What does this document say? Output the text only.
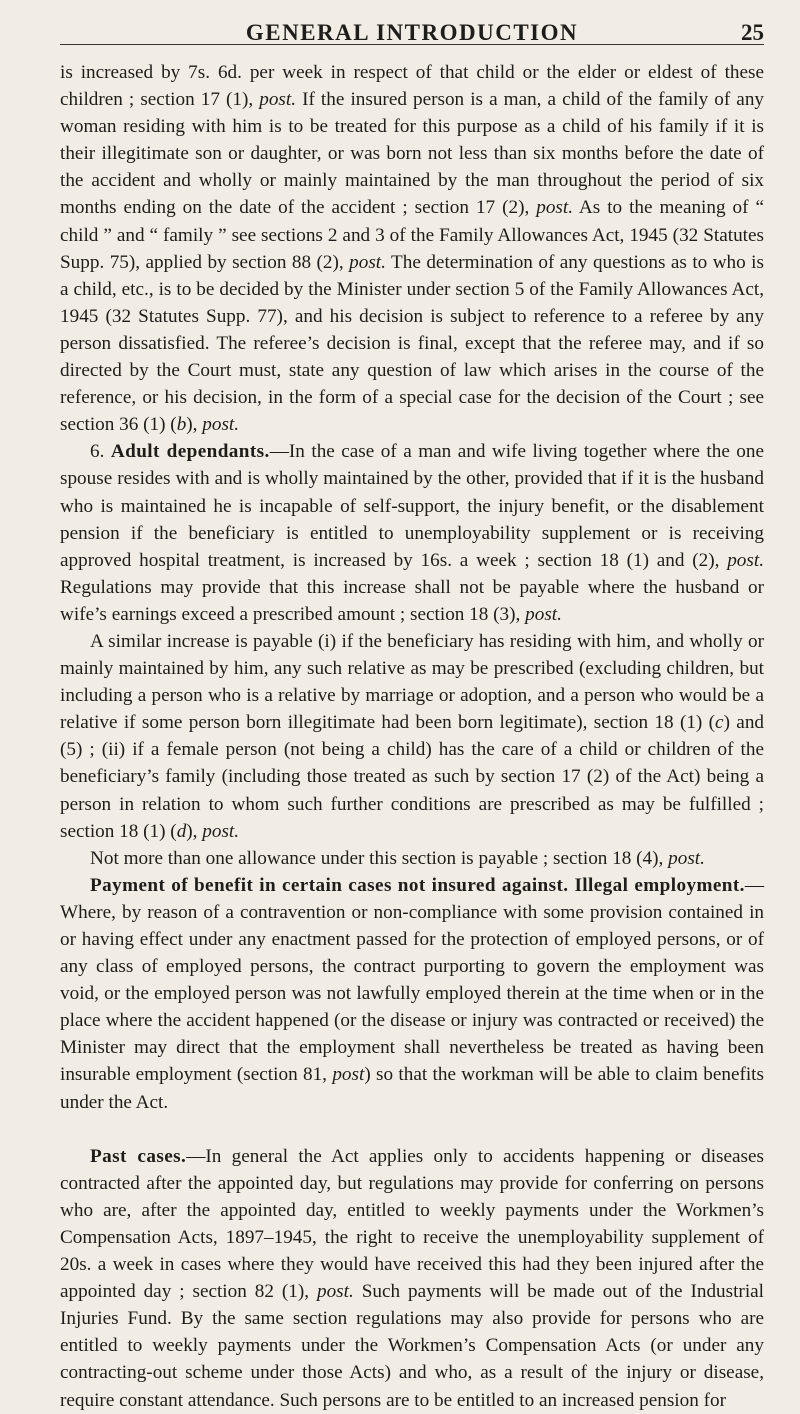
GENERAL INTRODUCTION	25

is increased by 7s. 6d. per week in respect of that child or the elder or eldest of these children ; section 17 (1), post. If the insured person is a man, a child of the family of any woman residing with him is to be treated for this purpose as a child of his family if it is their illegitimate son or daughter, or was born not less than six months before the date of the accident and wholly or mainly maintained by the man throughout the period of six months ending on the date of the accident ; section 17 (2), post. As to the meaning of “ child ” and “ family ” see sections 2 and 3 of the Family Allowances Act, 1945 (32 Statutes Supp. 75), applied by section 88 (2), post. The determination of any questions as to who is a child, etc., is to be decided by the Minister under section 5 of the Family Allowances Act, 1945 (32 Statutes Supp. 77), and his decision is subject to reference to a referee by any person dissatisfied. The referee’s decision is final, except that the referee may, and if so directed by the Court must, state any question of law which arises in the course of the reference, or his decision, in the form of a special case for the decision of the Court ; see section 36 (1) (b), post.

6. Adult dependants.—In the case of a man and wife living together where the one spouse resides with and is wholly maintained by the other, provided that if it is the husband who is maintained he is incapable of self-support, the injury benefit, or the disablement pension if the beneficiary is entitled to unemployability supplement or is receiving approved hospital treatment, is increased by 16s. a week ; section 18 (1) and (2), post. Regulations may provide that this increase shall not be payable where the husband or wife’s earnings exceed a prescribed amount ; section 18 (3), post.

A similar increase is payable (i) if the beneficiary has residing with him, and wholly or mainly maintained by him, any such relative as may be prescribed (excluding children, but including a person who is a relative by marriage or adoption, and a person who would be a relative if some person born illegitimate had been born legitimate), section 18 (1) (c) and (5) ; (ii) if a female person (not being a child) has the care of a child or children of the beneficiary’s family (including those treated as such by section 17 (2) of the Act) being a person in relation to whom such further conditions are prescribed as may be fulfilled ; section 18 (1) (d), post.

Not more than one allowance under this section is payable ; section 18 (4), post.

Payment of benefit in certain cases not insured against. Illegal employment.—Where, by reason of a contravention or non-compliance with some provision contained in or having effect under any enactment passed for the protection of employed persons, or of any class of employed persons, the contract purporting to govern the employment was void, or the employed person was not lawfully employed therein at the time when or in the place where the accident happened (or the disease or injury was contracted or received) the Minister may direct that the employment shall nevertheless be treated as having been insurable employment (section 81, post) so that the workman will be able to claim benefits under the Act.

Past cases.—In general the Act applies only to accidents happening or diseases contracted after the appointed day, but regulations may provide for conferring on persons who are, after the appointed day, entitled to weekly payments under the Workmen’s Compensation Acts, 1897–1945, the right to receive the unemployability supplement of 20s. a week in cases where they would have received this had they been injured after the appointed day ; section 82 (1), post. Such payments will be made out of the Industrial Injuries Fund. By the same section regulations may also provide for persons who are entitled to weekly payments under the Workmen’s Compensation Acts (or under any contracting-out scheme under those Acts) and who, as a result of the injury or disease, require constant attendance. Such persons are to be entitled to an increased pension for
